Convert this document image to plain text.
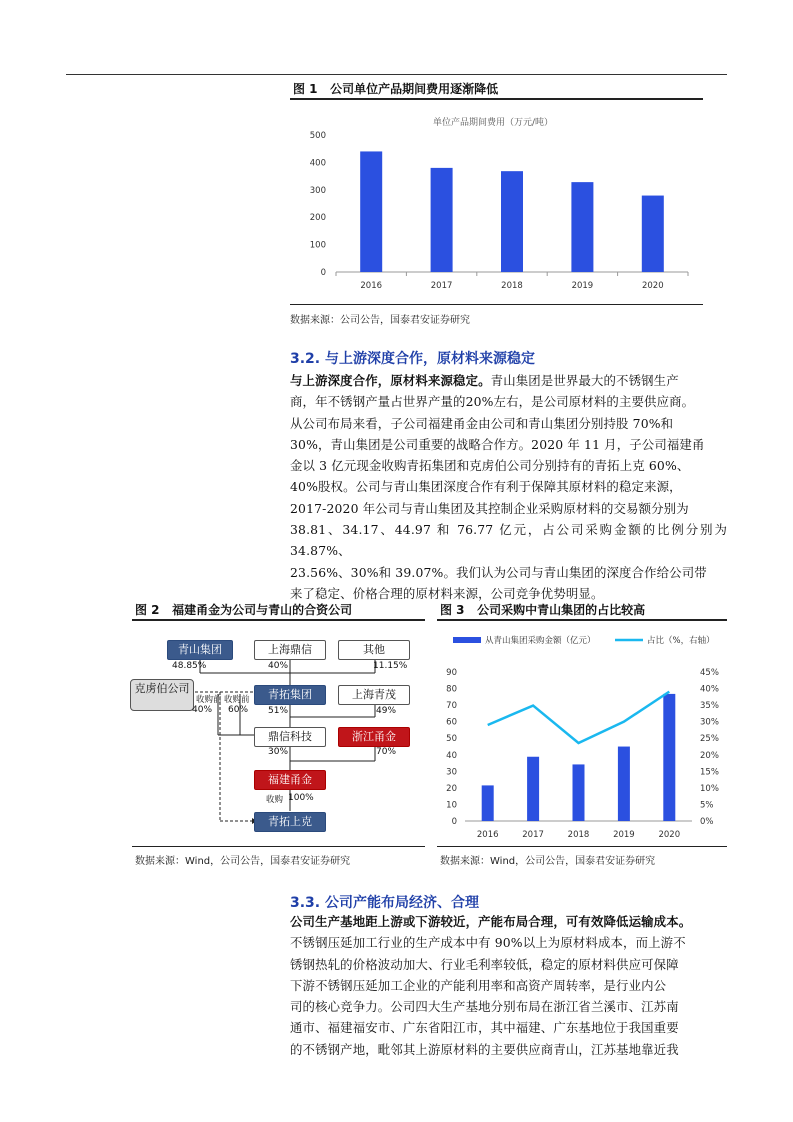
图 1 公司单位产品期间费用逐渐降低
单位产品期间费用（万元/吨）
0
100
200
300
400
500
2016	2017	2018	2019	2020
数据来源：公司公告，国泰君安证券研究
3.2. 与上游深度合作，原材料来源稳定
与上游深度合作，原材料来源稳定。青山集团是世界最大的不锈钢生产
商，年不锈钢产量占世界产量的20%左右，是公司原材料的主要供应商。
从公司布局来看，子公司福建甬金由公司和青山集团分别持股 70%和
30%，青山集团是公司重要的战略合作方。2020 年 11 月，子公司福建甬
金以 3 亿元现金收购青拓集团和克虏伯公司分别持有的青拓上克 60%、
40%股权。公司与青山集团深度合作有利于保障其原材料的稳定来源，
2017-2020 年公司与青山集团及其控制企业采购原材料的交易额分别为
38.81、34.17、44.97 和 76.77 亿元，占公司采购金额的比例分别为 34.87%、
23.56%、30%和 39.07%。我们认为公司与青山集团的深度合作给公司带
来了稳定、价格合理的原材料来源，公司竞争优势明显。
图 2 福建甬金为公司与青山的合资公司
青山集团	上海鼎信	其他
48.85%	40%	11.15%
克虏伯公司	青拓集团	上海青茂
收购前 收购前
40% 60% 51%	49%
鼎信科技	浙江甬金
30%	70%
福建甬金
收购 100%
青拓上克
数据来源：Wind，公司公告，国泰君安证券研究
图 3 公司采购中青山集团的占比较高
从青山集团采购金额（亿元）	占比（%，右轴）
0
10
20
30
40
50
60
70
80
90
0%
5%
10%
15%
20%
25%
30%
35%
40%
45%
2016	2017	2018	2019	2020
数据来源：Wind，公司公告，国泰君安证券研究
3.3. 公司产能布局经济、合理
公司生产基地距上游或下游较近，产能布局合理，可有效降低运输成本。
不锈钢压延加工行业的生产成本中有 90%以上为原材料成本，而上游不
锈钢热轧的价格波动加大、行业毛利率较低，稳定的原材料供应可保障
下游不锈钢压延加工企业的产能利用率和高资产周转率，是行业内公
司的核心竞争力。公司四大生产基地分别布局在浙江省兰溪市、江苏南
通市、福建福安市、广东省阳江市，其中福建、广东基地位于我国重要
的不锈钢产地，毗邻其上游原材料的主要供应商青山，江苏基地靠近我
